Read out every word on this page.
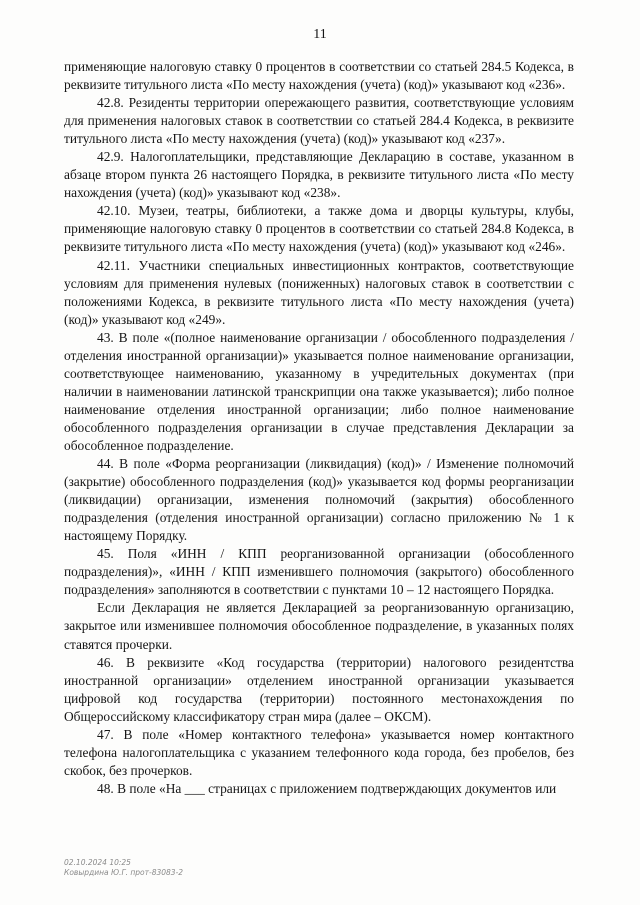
11

применяющие налоговую ставку 0 процентов в соответствии со статьей 284.5 Кодекса, в реквизите титульного листа «По месту нахождения (учета) (код)» указывают код «236».

42.8. Резиденты территории опережающего развития, соответствующие условиям для применения налоговых ставок в соответствии со статьей 284.4 Кодекса, в реквизите титульного листа «По месту нахождения (учета) (код)» указывают код «237».

42.9. Налогоплательщики, представляющие Декларацию в составе, указанном в абзаце втором пункта 26 настоящего Порядка, в реквизите титульного листа «По месту нахождения (учета) (код)» указывают код «238».

42.10. Музеи, театры, библиотеки, а также дома и дворцы культуры, клубы, применяющие налоговую ставку 0 процентов в соответствии со статьей 284.8 Кодекса, в реквизите титульного листа «По месту нахождения (учета) (код)» указывают код «246».

42.11. Участники специальных инвестиционных контрактов, соответствующие условиям для применения нулевых (пониженных) налоговых ставок в соответствии с положениями Кодекса, в реквизите титульного листа «По месту нахождения (учета) (код)» указывают код «249».

43. В поле «(полное наименование организации / обособленного подразделения / отделения иностранной организации)» указывается полное наименование организации, соответствующее наименованию, указанному в учредительных документах (при наличии в наименовании латинской транскрипции она также указывается); либо полное наименование отделения иностранной организации; либо полное наименование обособленного подразделения организации в случае представления Декларации за обособленное подразделение.

44. В поле «Форма реорганизации (ликвидация) (код)» / Изменение полномочий (закрытие) обособленного подразделения (код)» указывается код формы реорганизации (ликвидации) организации, изменения полномочий (закрытия) обособленного подразделения (отделения иностранной организации) согласно приложению № 1 к настоящему Порядку.

45. Поля «ИНН / КПП реорганизованной организации (обособленного подразделения)», «ИНН / КПП изменившего полномочия (закрытого) обособленного подразделения» заполняются в соответствии с пунктами 10 – 12 настоящего Порядка.

Если Декларация не является Декларацией за реорганизованную организацию, закрытое или изменившее полномочия обособленное подразделение, в указанных полях ставятся прочерки.

46. В реквизите «Код государства (территории) налогового резидентства иностранной организации» отделением иностранной организации указывается цифровой код государства (территории) постоянного местонахождения по Общероссийскому классификатору стран мира (далее – ОКСМ).

47. В поле «Номер контактного телефона» указывается номер контактного телефона налогоплательщика с указанием телефонного кода города, без пробелов, без скобок, без прочерков.

48. В поле «На ___ страницах с приложением подтверждающих документов или

02.10.2024 10:25
Ковырдина Ю.Г. прот-83083-2
